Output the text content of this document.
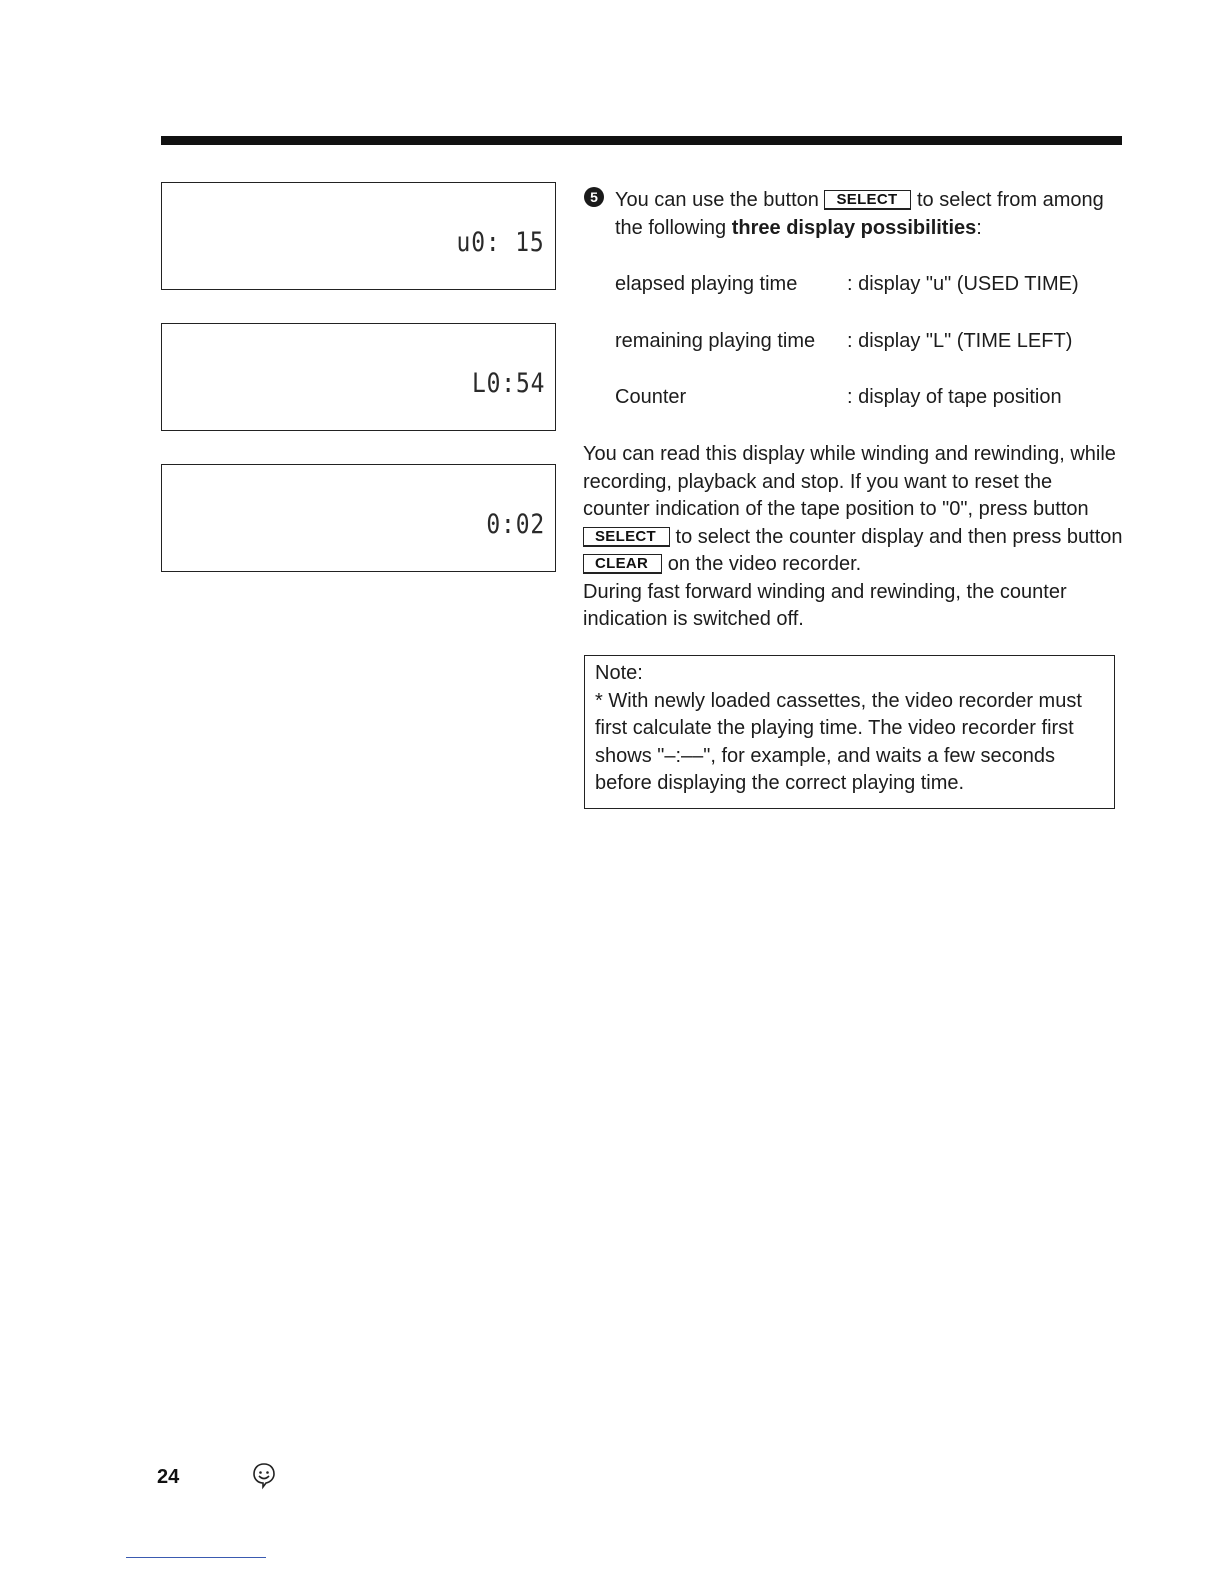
u0: 15
L0:54
0:02
5 You can use the button SELECT to select from among the following three display possibilities:
elapsed playing time : display "u" (USED TIME)
remaining playing time : display "L" (TIME LEFT)
Counter	: display of tape position
You can read this display while winding and rewinding, while recording, playback and stop. If you want to reset the counter indication of the tape position to "0", press button SELECT to select the counter display and then press button CLEAR on the video recorder.
During fast forward winding and rewinding, the counter indication is switched off.
Note:
* With newly loaded cassettes, the video recorder must first calculate the playing time. The video recorder first shows "–:––", for example, and waits a few seconds before displaying the correct playing time.
24
